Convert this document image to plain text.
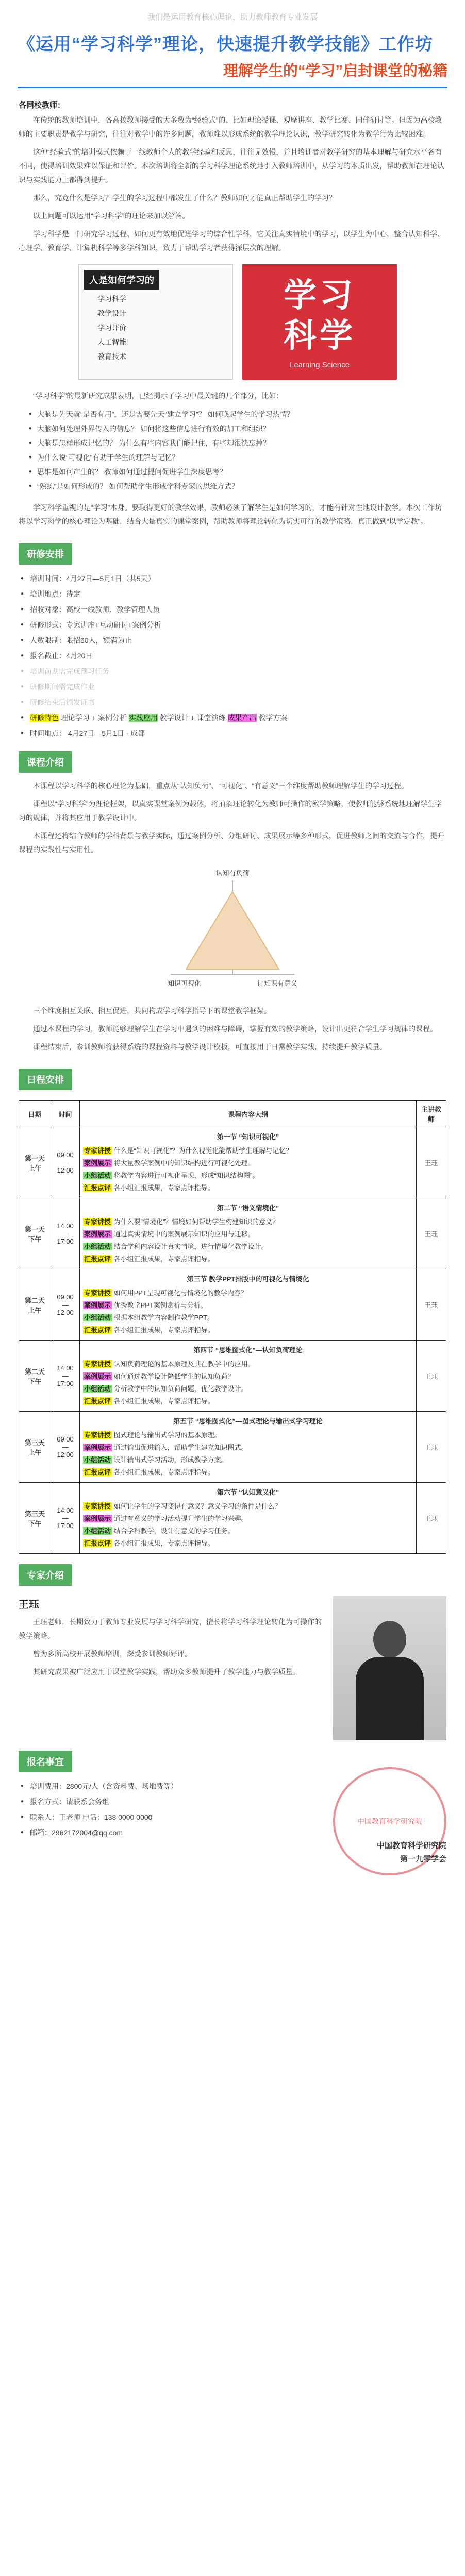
我们是运用教育核心理论，助力教师教育专业发展
《运用“学习科学”理论，快速提升教学技能》工作坊
理解学生的“学习”启封课堂的秘籍
各同校教师：

在传统的教师培训中，各高校教师接受的大多数为“经验式”的、比如理论授课、观摩讲座、教学比赛、同伴研讨等。但因为高校教师的主要职责是教学与研究，往往对教学中的许多问题，教师难以形成系统的教学理论认识，教学研究转化为教学行为比较困难。

这种“经验式”的培训模式依赖于一线教师个人的教学经验和反思，往往见效慢，并且培训者对教学研究的基本理解与研究水平各有不同，使得培训效果难以保证和评价。本次培训将全新的学习科学理论系统地引入教师培训中，从学习的本质出发，帮助教师在理论认识与实践能力上都得到提升。

那么，究竟什么是学习？学生的学习过程中都发生了什么？教师如何才能真正帮助学生的学习？

以上问题可以运用“学习科学”的理论来加以解答。

学习科学是一门研究学习过程、如何更有效地促进学习的综合性学科，它关注真实情境中的学习，以学生为中心，整合认知科学、心理学、教育学、计算机科学等多学科知识，致力于帮助学习者获得深层次的理解。

人是如何学习的
学习科学
教学设计
学习评价
人工智能
教育技术
学习
科学
Learning Science

“学习科学”的最新研究成果表明，已经揭示了学习中最关键的几个部分，比如：

● 大脑是先天就“是否有用”，还是需要先天“建立学习”？ 如何唤起学生的学习热情？
● 大脑如何处理外界传入的信息？ 如何将这些信息进行有效的加工和组织？
● 大脑是怎样形成记忆的？ 为什么有些内容我们能记住，有些却很快忘掉？
● 为什么说“可视化”有助于学生的理解与记忆？
● 思维是如何产生的？ 教师如何通过提问促进学生深度思考？
● “熟练”是如何形成的？ 如何帮助学生形成学科专家的思维方式？

学习科学重视的是“学习”本身。要取得更好的教学效果，教师必须了解学生是如何学习的，才能有针对性地设计教学。本次工作坊将以学习科学的核心理论为基础，结合大量真实的课堂案例，帮助教师将理论转化为切实可行的教学策略，真正做到“以学定教”。

研修安排
● 培训时间：4月27日—5月1日（共5天）
● 培训地点：待定
● 招收对象：高校一线教师、教学管理人员
● 研修形式：专家讲座+互动研讨+案例分析
● 人数限制：限招60人，额满为止
● 报名截止：4月20日
● 培训前期需完成预习任务
● 研修期间需完成作业
● 研修结束后颁发证书
● 研修特色 理论学习 + 案例分析 实践应用 教学设计 + 课堂演练 成果产出 教学方案
● 时间地点： 4月27日—5月1日 · 成都
课程介绍

本课程以学习科学的核心理论为基础，重点从“认知负荷”、“可视化”、“有意义”三个维度帮助教师理解学生的学习过程。

课程以“学习科学”为理论框架，以真实课堂案例为载体，将抽象理论转化为教师可操作的教学策略，使教师能够系统地理解学生学习的规律，并将其应用于教学设计中。

本课程还将结合教师的学科背景与教学实际，通过案例分析、分组研讨、成果展示等多种形式，促进教师之间的交流与合作，提升课程的实践性与实用性。

认知有负荷
知识可视化	让知识有意义

三个维度相互关联、相互促进，共同构成学习科学指导下的课堂教学框架。

通过本课程的学习，教师能够理解学生在学习中遇到的困难与障碍，掌握有效的教学策略，设计出更符合学生学习规律的课程。

课程结束后，参训教师将获得系统的课程资料与教学设计模板，可直接用于日常教学实践，持续提升教学质量。

日程安排
日期	时间	课程内容大纲	主讲教师
第一天上午	09:00 — 12:00	第一节 “知识可视化”
专家讲授 什么是“知识可视化”？为什么视觉化能帮助学生理解与记忆？
案例展示 将大量教学案例中的知识结构进行可视化处理。
小组活动 将教学内容进行可视化呈现，形成“知识结构图”。
汇报点评 各小组汇报成果，专家点评指导。	王珏
第一天下午	14:00 — 17:00	第二节 “语义情境化”
专家讲授 为什么要“情境化”？情境如何帮助学生构建知识的意义？
案例展示 通过真实情境中的案例展示知识的应用与迁移。
小组活动 结合学科内容设计真实情境，进行情境化教学设计。
汇报点评 各小组汇报成果，专家点评指导。	王珏
第二天上午	09:00 — 12:00	第三节 教学PPT排版中的可视化与情境化
专家讲授 如何用PPT呈现可视化与情境化的教学内容？
案例展示 优秀教学PPT案例赏析与分析。
小组活动 根据本组教学内容制作教学PPT。
汇报点评 各小组汇报成果，专家点评指导。	王珏
第二天下午	14:00 — 17:00	第四节 “思维图式化”—认知负荷理论
专家讲授 认知负荷理论的基本原理及其在教学中的应用。
案例展示 如何通过教学设计降低学生的认知负荷？
小组活动 分析教学中的认知负荷问题，优化教学设计。
汇报点评 各小组汇报成果，专家点评指导。	王珏
第三天上午	09:00 — 12:00	第五节 “思维图式化”—图式理论与输出式学习理论
专家讲授 图式理论与输出式学习的基本原理。
案例展示 通过输出促进输入，帮助学生建立知识图式。
小组活动 设计输出式学习活动，形成教学方案。
汇报点评 各小组汇报成果，专家点评指导。	王珏
第三天下午	14:00 — 17:00	第六节 “认知意义化”
专家讲授 如何让学生的学习变得有意义？意义学习的条件是什么？
案例展示 通过有意义的学习活动提升学生的学习兴趣。
小组活动 结合学科教学，设计有意义的学习任务。
汇报点评 各小组汇报成果，专家点评指导。	王珏
专家介绍
王珏

王珏老师，长期致力于教师专业发展与学习科学研究，擅长将学习科学理论转化为可操作的教学策略。

曾为多所高校开展教师培训，深受参训教师好评。

其研究成果被广泛应用于课堂教学实践，帮助众多教师提升了教学能力与教学质量。

报名事宜
● 培训费用：2800元/人（含资料费、场地费等）
● 报名方式：请联系会务组
● 联系人：王老师 电话：138 0000 0000
● 邮箱：2962172004@qq.com
中国教育科学研究院
中国教育科学研究院
第一九零学会
